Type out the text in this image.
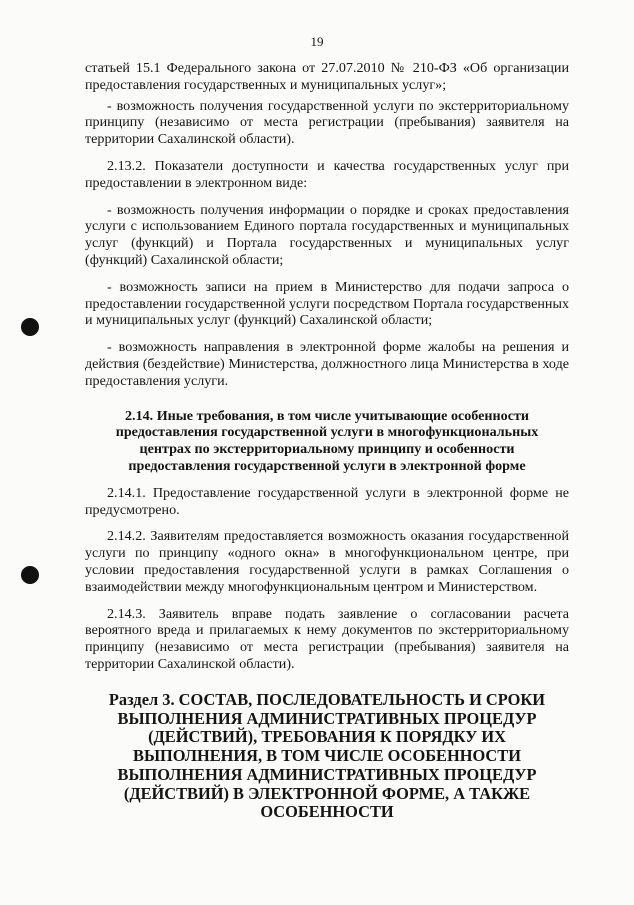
19

статьей 15.1 Федерального закона от 27.07.2010 № 210-ФЗ «Об организации предоставления государственных и муниципальных услуг»;

- возможность получения государственной услуги по экстерриториальному принципу (независимо от места регистрации (пребывания) заявителя на территории Сахалинской области).

2.13.2. Показатели доступности и качества государственных услуг при предоставлении в электронном виде:

- возможность получения информации о порядке и сроках предоставления услуги с использованием Единого портала государственных и муниципальных услуг (функций) и Портала государственных и муниципальных услуг (функций) Сахалинской области;

- возможность записи на прием в Министерство для подачи запроса о предоставлении государственной услуги посредством Портала государственных и муниципальных услуг (функций) Сахалинской области;

- возможность направления в электронной форме жалобы на решения и действия (бездействие) Министерства, должностного лица Министерства в ходе предоставления услуги.

2.14. Иные требования, в том числе учитывающие особенности предоставления государственной услуги в многофункциональных центрах по экстерриториальному принципу и особенности предоставления государственной услуги в электронной форме

2.14.1. Предоставление государственной услуги в электронной форме не предусмотрено.

2.14.2. Заявителям предоставляется возможность оказания государственной услуги по принципу «одного окна» в многофункциональном центре, при условии предоставления государственной услуги в рамках Соглашения о взаимодействии между многофункциональным центром и Министерством.

2.14.3. Заявитель вправе подать заявление о согласовании расчета вероятного вреда и прилагаемых к нему документов по экстерриториальному принципу (независимо от места регистрации (пребывания) заявителя на территории Сахалинской области).

Раздел 3. СОСТАВ, ПОСЛЕДОВАТЕЛЬНОСТЬ И СРОКИ ВЫПОЛНЕНИЯ АДМИНИСТРАТИВНЫХ ПРОЦЕДУР (ДЕЙСТВИЙ), ТРЕБОВАНИЯ К ПОРЯДКУ ИХ ВЫПОЛНЕНИЯ, В ТОМ ЧИСЛЕ ОСОБЕННОСТИ ВЫПОЛНЕНИЯ АДМИНИСТРАТИВНЫХ ПРОЦЕДУР (ДЕЙСТВИЙ) В ЭЛЕКТРОННОЙ ФОРМЕ, А ТАКЖЕ ОСОБЕННОСТИ
